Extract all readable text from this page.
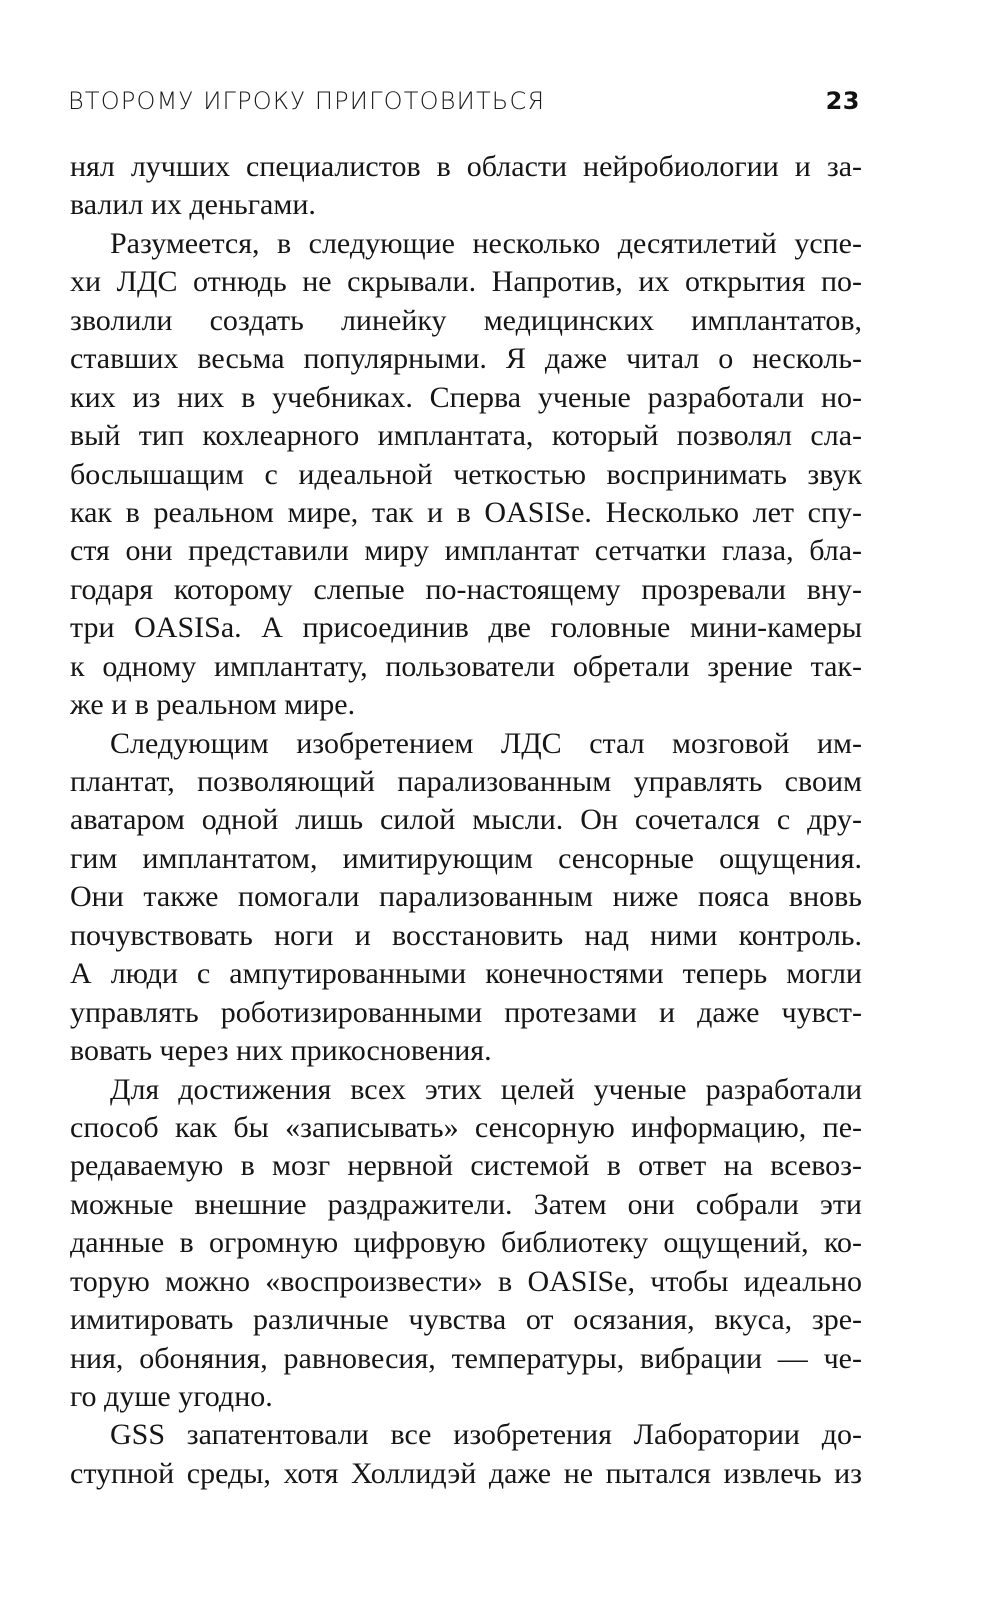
ВТОРОМУ ИГРОКУ ПРИГОТОВИТЬСЯ	23
нял лучших специалистов в области нейробиологии и за-
валил их деньгами.
Разумеется, в следующие несколько десятилетий успе-
хи ЛДС отнюдь не скрывали. Напротив, их открытия по-
зволили создать линейку медицинских имплантатов,
ставших весьма популярными. Я даже читал о несколь-
ких из них в учебниках. Сперва ученые разработали но-
вый тип кохлеарного имплантата, который позволял сла-
бослышащим с идеальной четкостью воспринимать звук
как в реальном мире, так и в OASISe. Несколько лет спу-
стя они представили миру имплантат сетчатки глаза, бла-
годаря которому слепые по-настоящему прозревали вну-
три OASISa. А присоединив две головные мини-камеры
к одному имплантату, пользователи обретали зрение так-
же и в реальном мире.
Следующим изобретением ЛДС стал мозговой им-
плантат, позволяющий парализованным управлять своим
аватаром одной лишь силой мысли. Он сочетался с дру-
гим имплантатом, имитирующим сенсорные ощущения.
Они также помогали парализованным ниже пояса вновь
почувствовать ноги и восстановить над ними контроль.
А люди с ампутированными конечностями теперь могли
управлять роботизированными протезами и даже чувст-
вовать через них прикосновения.
Для достижения всех этих целей ученые разработали
способ как бы «записывать» сенсорную информацию, пе-
редаваемую в мозг нервной системой в ответ на всевоз-
можные внешние раздражители. Затем они собрали эти
данные в огромную цифровую библиотеку ощущений, ко-
торую можно «воспроизвести» в OASISe, чтобы идеально
имитировать различные чувства от осязания, вкуса, зре-
ния, обоняния, равновесия, температуры, вибрации — че-
го душе угодно.
GSS запатентовали все изобретения Лаборатории до-
ступной среды, хотя Холлидэй даже не пытался извлечь из
